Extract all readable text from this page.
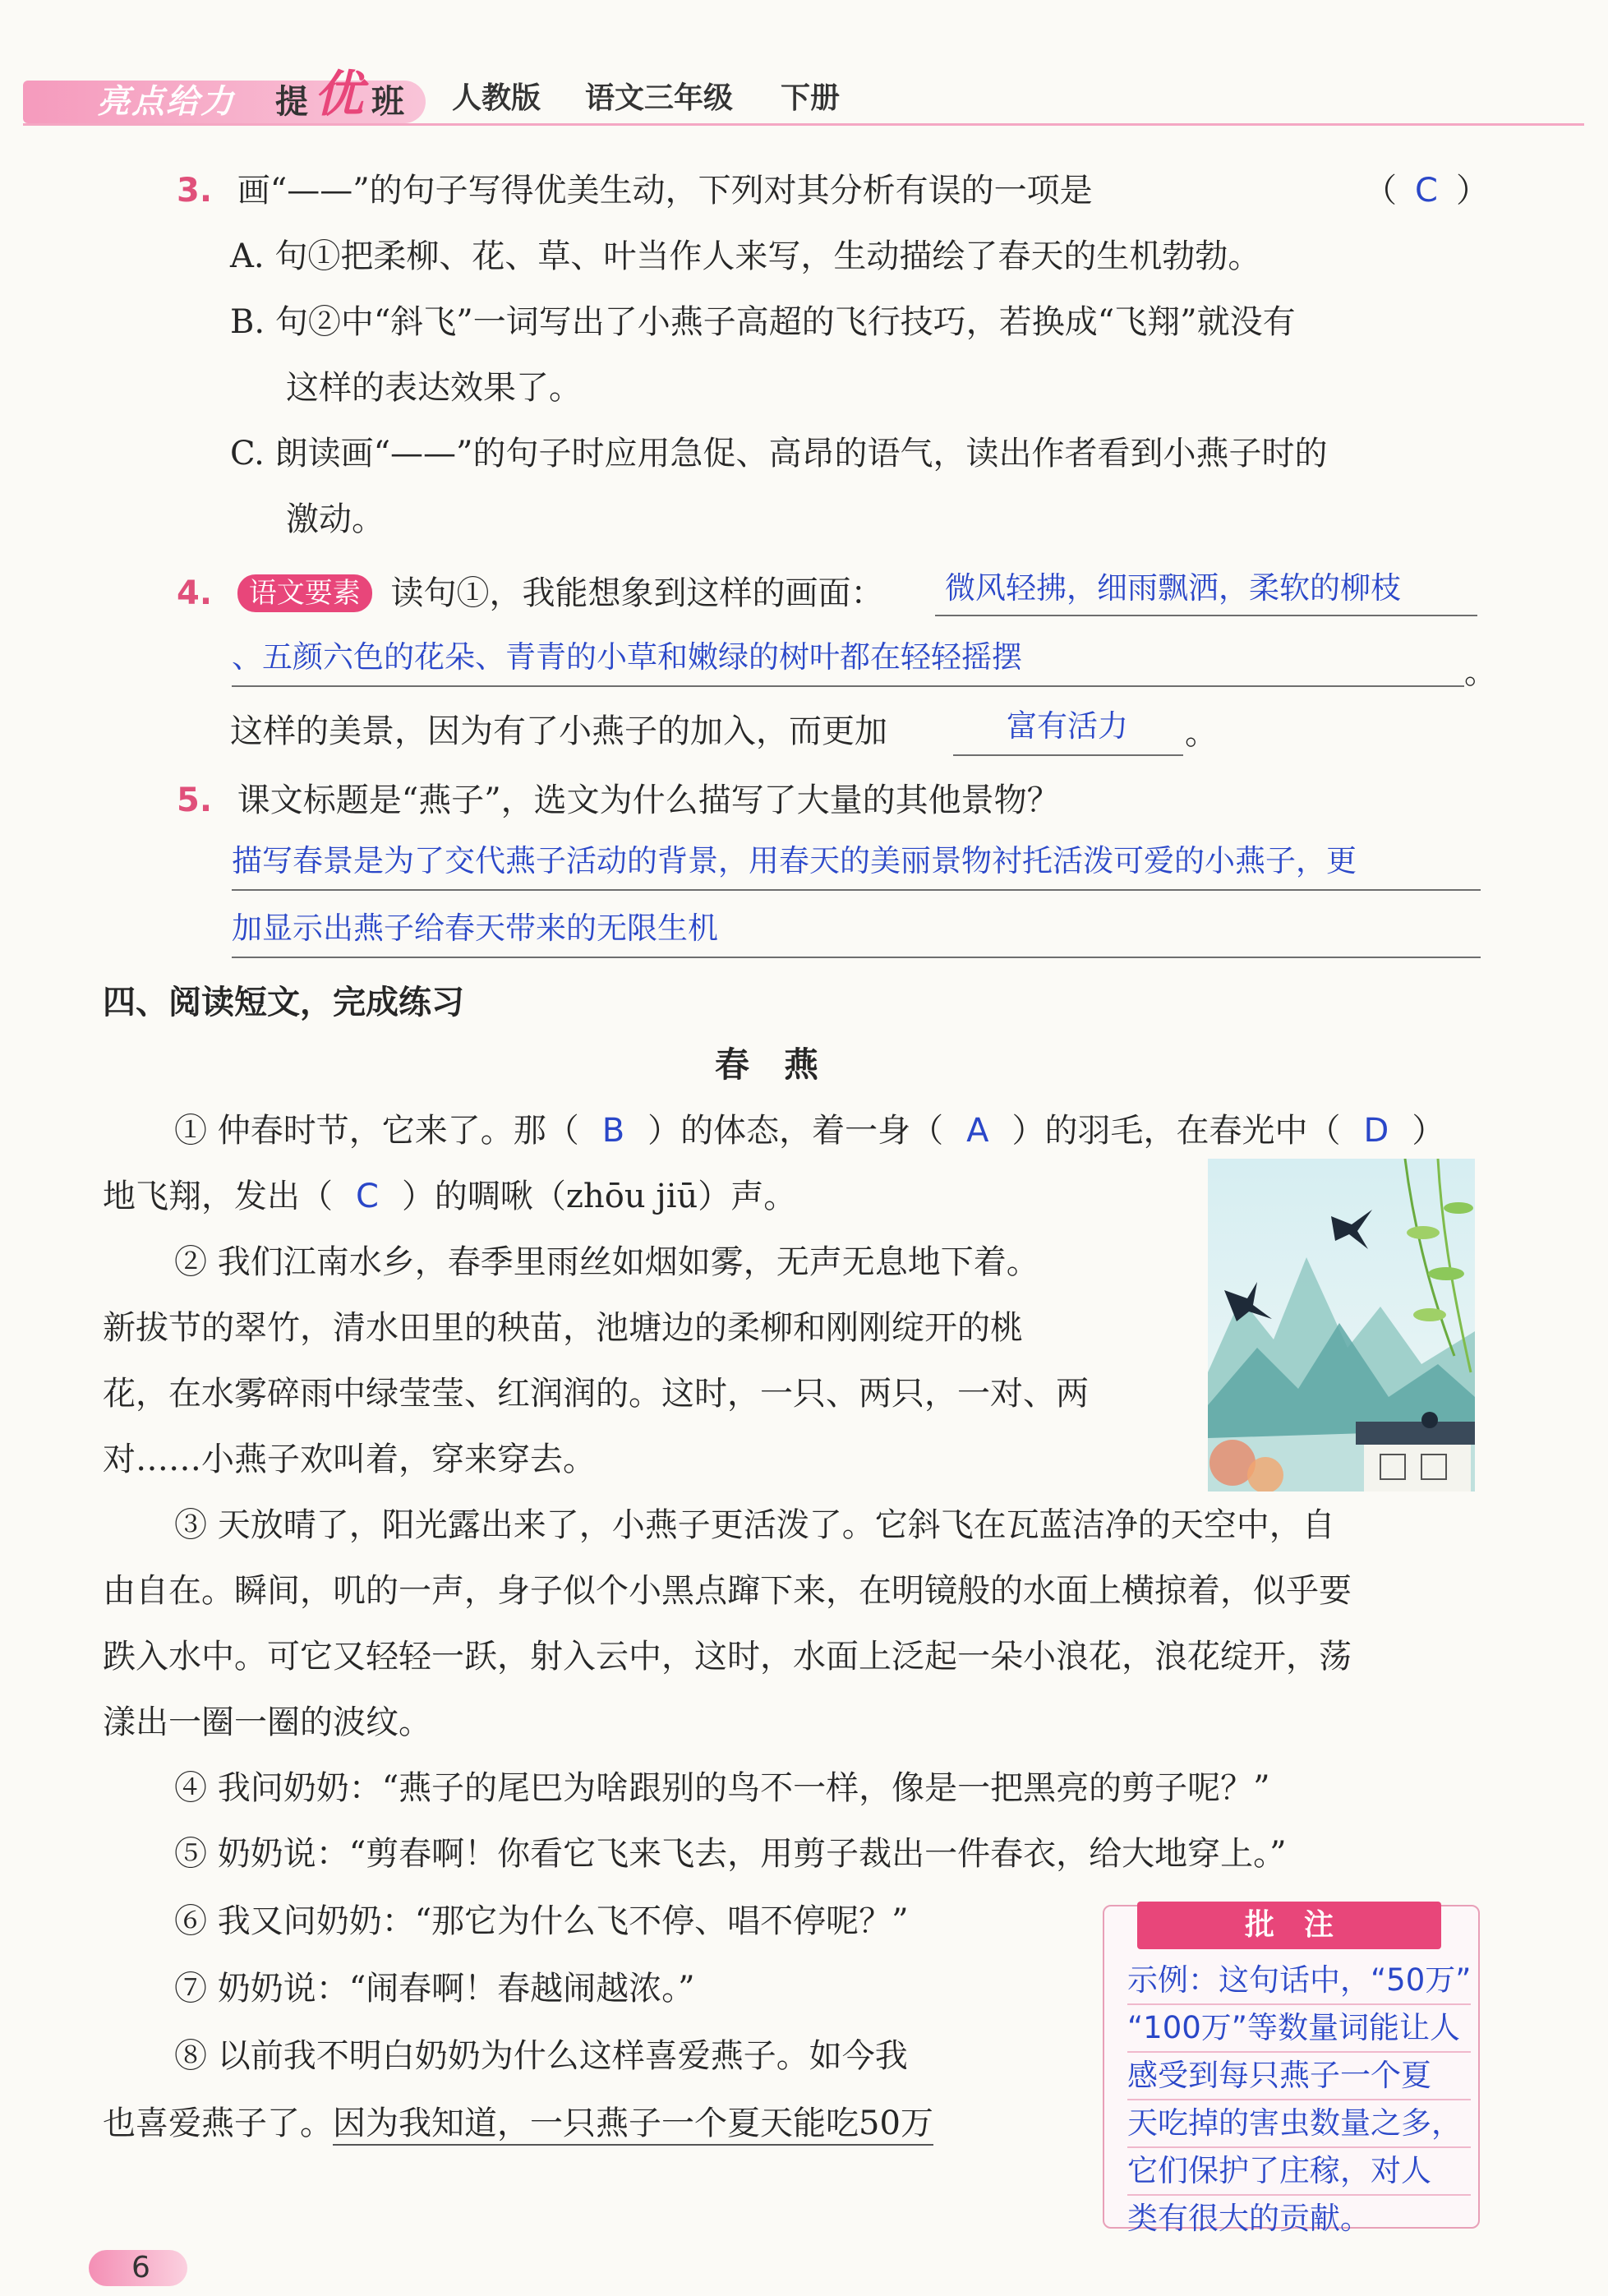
亮点给力 提 优 班 人教版 语文三年级 下册
3. 画“——”的句子写得优美生动，下列对其分析有误的一项是	（ C ）
A. 句①把柔柳、花、草、叶当作人来写，生动描绘了春天的生机勃勃。
B. 句②中“斜飞”一词写出了小燕子高超的飞行技巧，若换成“飞翔”就没有
这样的表达效果了。
C. 朗读画“——”的句子时应用急促、高昂的语气，读出作者看到小燕子时的
激动。
4. 语文要素 读句①，我能想象到这样的画面： 微风轻拂，细雨飘洒，柔软的柳枝
、五颜六色的花朵、青青的小草和嫩绿的树叶都在轻轻摇摆	。
这样的美景，因为有了小燕子的加入，而更加	富有活力 。
5. 课文标题是“燕子”，选文为什么描写了大量的其他景物？
描写春景是为了交代燕子活动的背景，用春天的美丽景物衬托活泼可爱的小燕子，更
加显示出燕子给春天带来的无限生机
四、阅读短文，完成练习
春　燕
① 仲春时节，它来了。那（ B ）的体态，着一身（ A ）的羽毛，在春光中（ D ）
地飞翔，发出（ C ）的啁啾（zhōu jiū）声。
② 我们江南水乡，春季里雨丝如烟如雾，无声无息地下着。
新拔节的翠竹，清水田里的秧苗，池塘边的柔柳和刚刚绽开的桃
花，在水雾碎雨中绿莹莹、红润润的。这时，一只、两只，一对、两
对……小燕子欢叫着，穿来穿去。
③ 天放晴了，阳光露出来了，小燕子更活泼了。它斜飞在瓦蓝洁净的天空中，自
由自在。瞬间，叽的一声，身子似个小黑点蹿下来，在明镜般的水面上横掠着，似乎要
跌入水中。可它又轻轻一跃，射入云中，这时，水面上泛起一朵小浪花，浪花绽开，荡
漾出一圈一圈的波纹。
④ 我问奶奶：“燕子的尾巴为啥跟别的鸟不一样，像是一把黑亮的剪子呢？”
⑤ 奶奶说：“剪春啊！你看它飞来飞去，用剪子裁出一件春衣，给大地穿上。”
⑥ 我又问奶奶：“那它为什么飞不停、唱不停呢？”
⑦ 奶奶说：“闹春啊！春越闹越浓。”
⑧ 以前我不明白奶奶为什么这样喜爱燕子。如今我
也喜爱燕子了。因为我知道，一只燕子一个夏天能吃50万
批　注
示例：这句话中，“50万”
“100万”等数量词能让人
感受到每只燕子一个夏
天吃掉的害虫数量之多，
它们保护了庄稼，对人
类有很大的贡献。
6
